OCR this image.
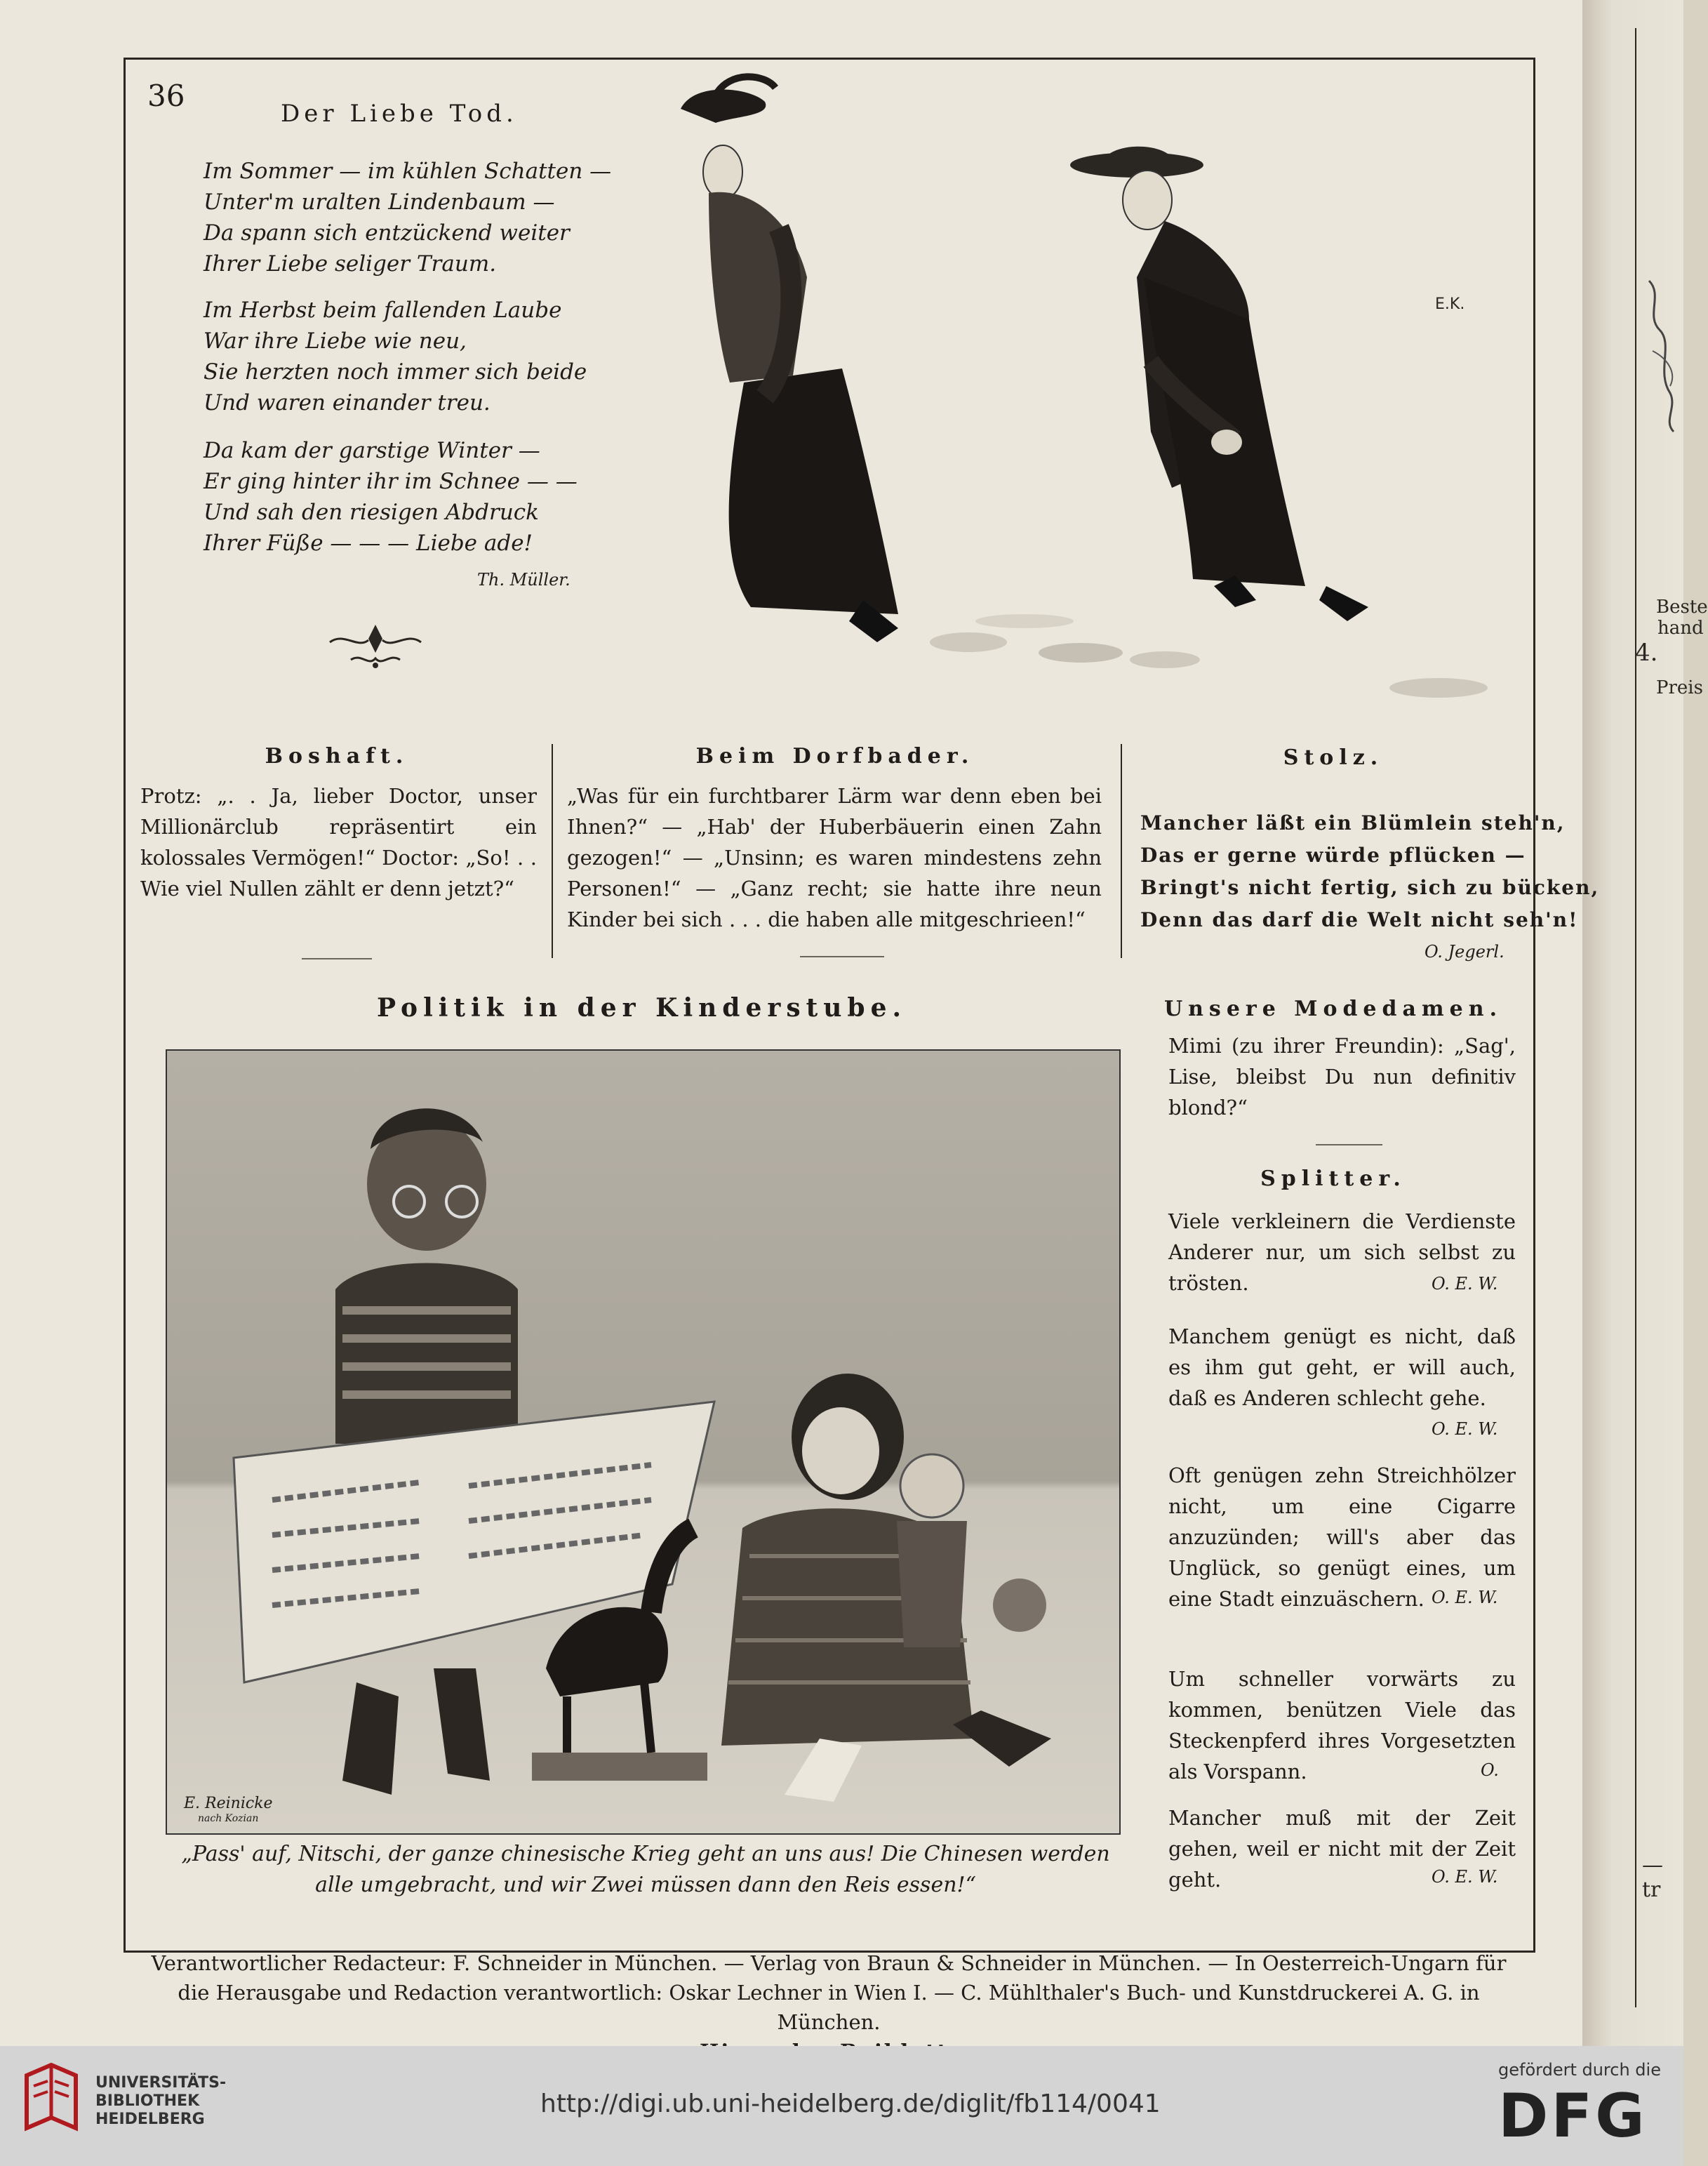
Beste
hand
4.
Preis
— tr
36
Der Liebe Tod.
Im Sommer — im kühlen Schatten —
Unter'm uralten Lindenbaum —
Da spann sich entzückend weiter
Ihrer Liebe seliger Traum.
Im Herbst beim fallenden Laube
War ihre Liebe wie neu,
Sie herzten noch immer sich beide
Und waren einander treu.
Da kam der garstige Winter —
Er ging hinter ihr im Schnee — —
Und sah den riesigen Abdruck
Ihrer Füße — — — Liebe ade!
Th. Müller.
E.K.
Boshaft.
Protz: „. . Ja, lieber Doctor, unser Millionärclub repräsentirt ein kolossales Vermögen!“ Doctor: „So! . . Wie viel Nullen zählt er denn jetzt?“
Beim Dorfbader.
„Was für ein furchtbarer Lärm war denn eben bei Ihnen?“ — „Hab' der Huberbäuerin einen Zahn gezogen!“ — „Unsinn; es waren mindestens zehn Personen!“ — „Ganz recht; sie hatte ihre neun Kinder bei sich . . . die haben alle mitgeschrieen!“
Stolz.
Mancher läßt ein Blümlein steh'n,
Das er gerne würde pflücken —
Bringt's nicht fertig, sich zu bücken,
Denn das darf die Welt nicht seh'n!
O. Jegerl.
Politik in der Kinderstube.
E. Reinicke
nach Kozian
„Pass' auf, Nitschi, der ganze chinesische Krieg geht an uns aus! Die Chinesen werden alle umgebracht, und wir Zwei müssen dann den Reis essen!“
Unsere Modedamen.
Mimi (zu ihrer Freundin): „Sag', Lise, bleibst Du nun definitiv blond?“
Splitter.
Viele verkleinern die Verdienste Anderer nur, um sich selbst zu trösten.	O. E. W.
Manchem genügt es nicht, daß es ihm gut geht, er will auch, daß es Anderen schlecht gehe.
O. E. W.
Oft genügen zehn Streichhölzer nicht, um eine Cigarre anzuzünden; will's aber das Unglück, so genügt eines, um eine Stadt einzuäschern. O. E. W.
Um schneller vorwärts zu kommen, benützen Viele das Steckenpferd ihres Vorgesetzten als Vorspann.	O.
Mancher muß mit der Zeit gehen, weil er nicht mit der Zeit geht.	O. E. W.
Verantwortlicher Redacteur: F. Schneider in München. — Verlag von Braun & Schneider in München. — In Oesterreich-Ungarn für
die Herausgabe und Redaction verantwortlich: Oskar Lechner in Wien I. — C. Mühlthaler's Buch- und Kunstdruckerei A. G. in München.
UNIVERSITÄTS-
BIBLIOTHEK
HEIDELBERG
http://digi.ub.uni-heidelberg.de/diglit/fb114/0041
gefördert durch die
DFG
